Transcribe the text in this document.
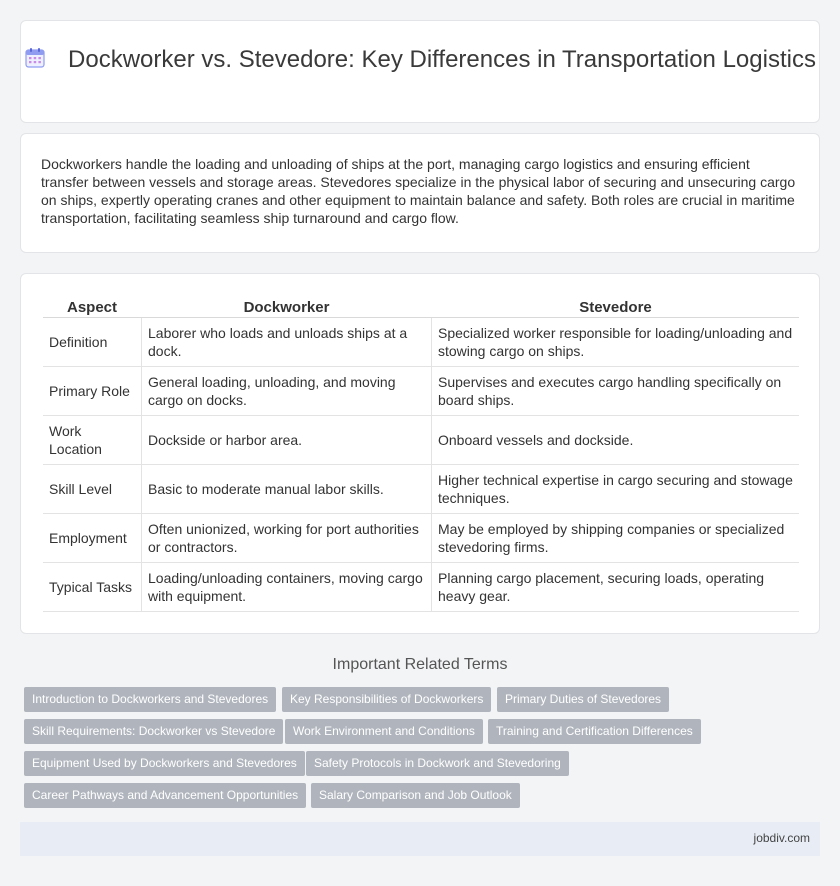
Dockworker vs. Stevedore: Key Differences in Transportation Logistics

Dockworkers handle the loading and unloading of ships at the port, managing cargo logistics and ensuring efficient transfer between vessels and storage areas. Stevedores specialize in the physical labor of securing and unsecuring cargo on ships, expertly operating cranes and other equipment to maintain balance and safety. Both roles are crucial in maritime transportation, facilitating seamless ship turnaround and cargo flow.

Aspect	Dockworker	Stevedore
Definition	Laborer who loads and unloads ships at a dock.	Specialized worker responsible for loading/unloading and stowing cargo on ships.
Primary Role	General loading, unloading, and moving cargo on docks.	Supervises and executes cargo handling specifically on board ships.
Work Location	Dockside or harbor area.	Onboard vessels and dockside.
Skill Level	Basic to moderate manual labor skills.	Higher technical expertise in cargo securing and stowage techniques.
Employment	Often unionized, working for port authorities or contractors.	May be employed by shipping companies or specialized stevedoring firms.
Typical Tasks	Loading/unloading containers, moving cargo with equipment.	Planning cargo placement, securing loads, operating heavy gear.
Important Related Terms
Introduction to Dockworkers and Stevedores	Key Responsibilities of Dockworkers	Primary Duties of Stevedores
Skill Requirements: Dockworker vs Stevedore	Work Environment and Conditions	Training and Certification Differences
Equipment Used by Dockworkers and Stevedores	Safety Protocols in Dockwork and Stevedoring
Career Pathways and Advancement Opportunities	Salary Comparison and Job Outlook
jobdiv.com
